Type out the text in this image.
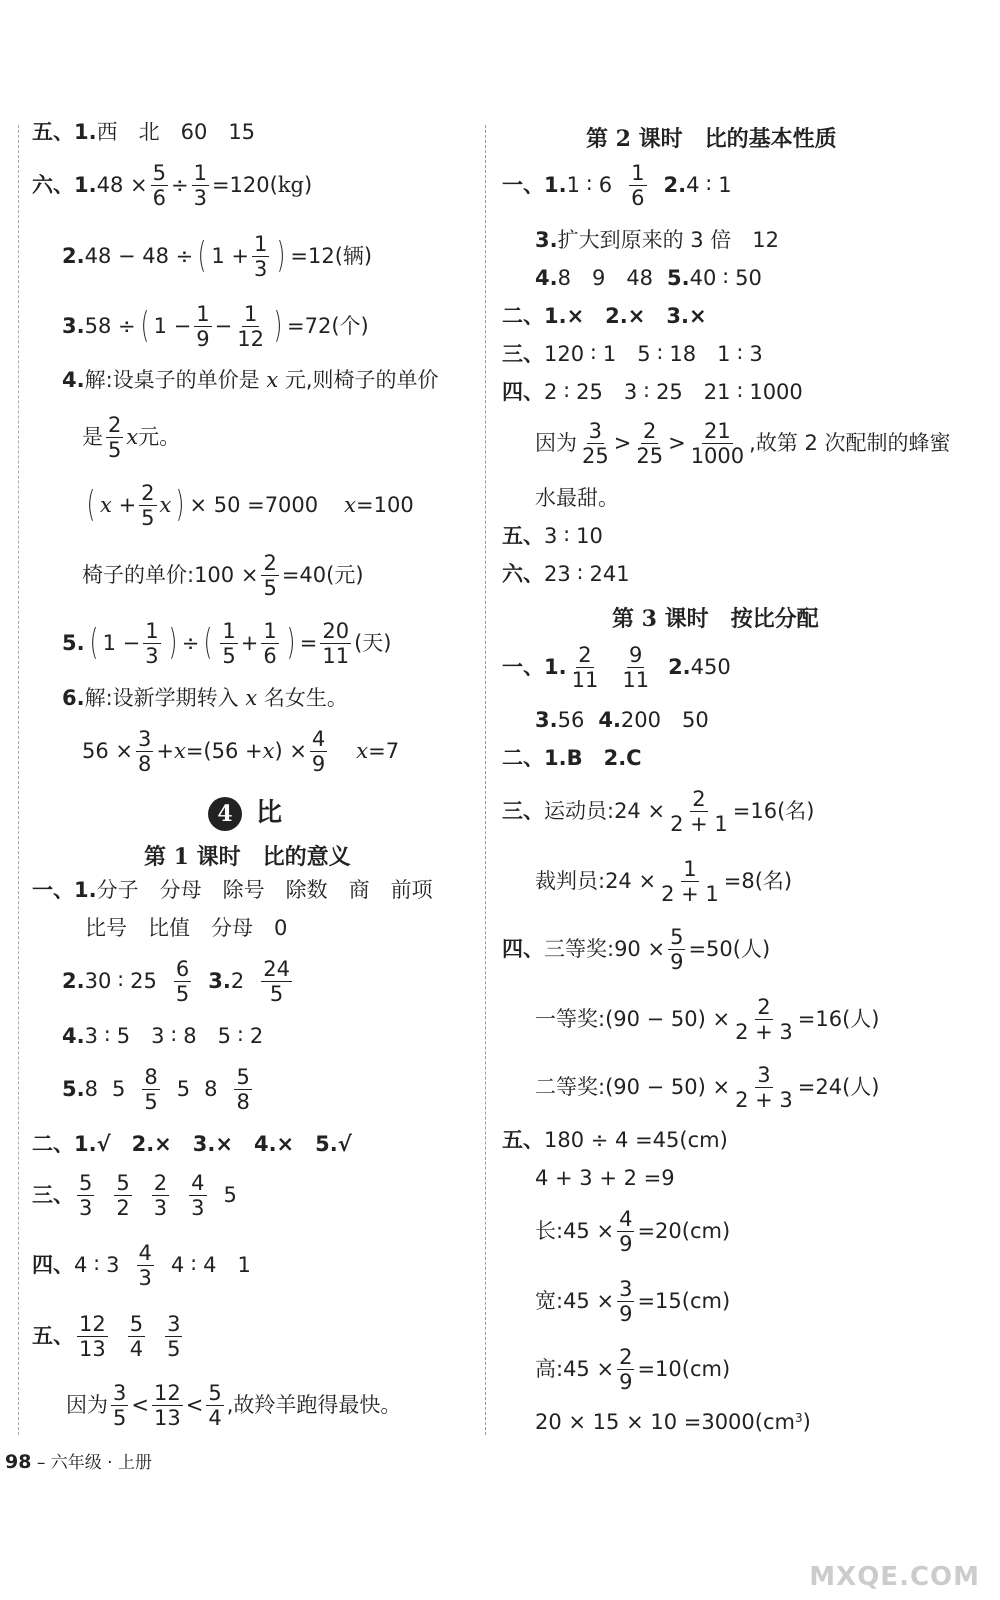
五、 1. 西　北　60　15
六、 1. $48 \times \frac{5}{6} \div \frac{1}{3} =120$( kg )
2. 48 − 48 ÷ ( $1 + \frac{1}{3}$ ) =12(辆)
3. 58 ÷ ( $1 - \frac{1}{9} - \frac{1}{12}$ ) =72(个)
4. 解:设桌子的单价是 x 元,则椅子的单价
是
2
5
x 元。
( $x + \frac{2}{5}$ x ) × 50 =7000 x =100
椅子的单价:100 × $\frac{2}{5} =40$(元)
5. ( $1 - \frac{1}{3}$ ) ÷ ( 1
5
+ $\frac{1}{6}$ ) = $\frac{20}{11}$ (天)
6. 解:设新学期转入 x 名女生。
$56 \times \frac{3}{8} + x =(56 + x$ ) × $\frac{4}{9}$ x =7
4 比
第 1 课时　比的意义
一、 1. 分子　分母　除号　除数　商　前项
比号　比值　分母　0
2. 30 ∶ 25
6
5
3. 2
24
5
4. 3 ∶ 5　3 ∶ 8　5 ∶ 2
5. 8 5
8
5
5 8
5
8
二、 1.√　2.×　3.×　4.×　5.√
三、
5
3
5
2
2
3
4
3
5
四、 4 ∶ 3
4
3
4 ∶ 4　1
五、
12
13
5
4
3
5
因为
3
5
<
12
13
<
5
4
,故羚羊跑得最快。
第 2 课时　比的基本性质
一、 1. 1 ∶ 6
1
6
2. 4 ∶ 1
3. 扩大到原来的 3 倍　12
4. 8　9　48 5. 40 ∶ 50
二、 1.×　2.×　3.×
三、 120 ∶ 1　5 ∶ 18　1 ∶ 3
四、 2 ∶ 25　3 ∶ 25　21 ∶ 1000
因为
3
25
>
2
25
>
21
1000
,故第 2 次配制的蜂蜜
水最甜。
五、 3 ∶ 10
六、 23 ∶ 241
第 3 课时　按比分配
一、 1.
2
11
9
11
2. 450
3. 56 4. 200　50
二、 1.B　2.C
三、 运动员:24 × $\frac{2}{2 + 1} =16$(名)
裁判员:24 × $\frac{1}{2 + 1} =8$(名)
四、 三等奖:90 × $\frac{5}{9} =50$(人)
一等奖:(90 − $50) \times \frac{2}{2 + 3} =16$(人)
二等奖:(90 − $50) \times \frac{3}{2 + 3} =24$(人)
五、 180 ÷ 4 =45(cm)
4 + 3 + 2 =9
长:45 × $\frac{4}{9} =20(cm)$
宽:45 × $\frac{3}{9} =15(cm)$
高:45 × $\frac{2}{9} =10(cm)$
$20 \times 15 \times 10 =3000(cm^3$ )
98 – 六年级 · 上册
MXQE.COM
